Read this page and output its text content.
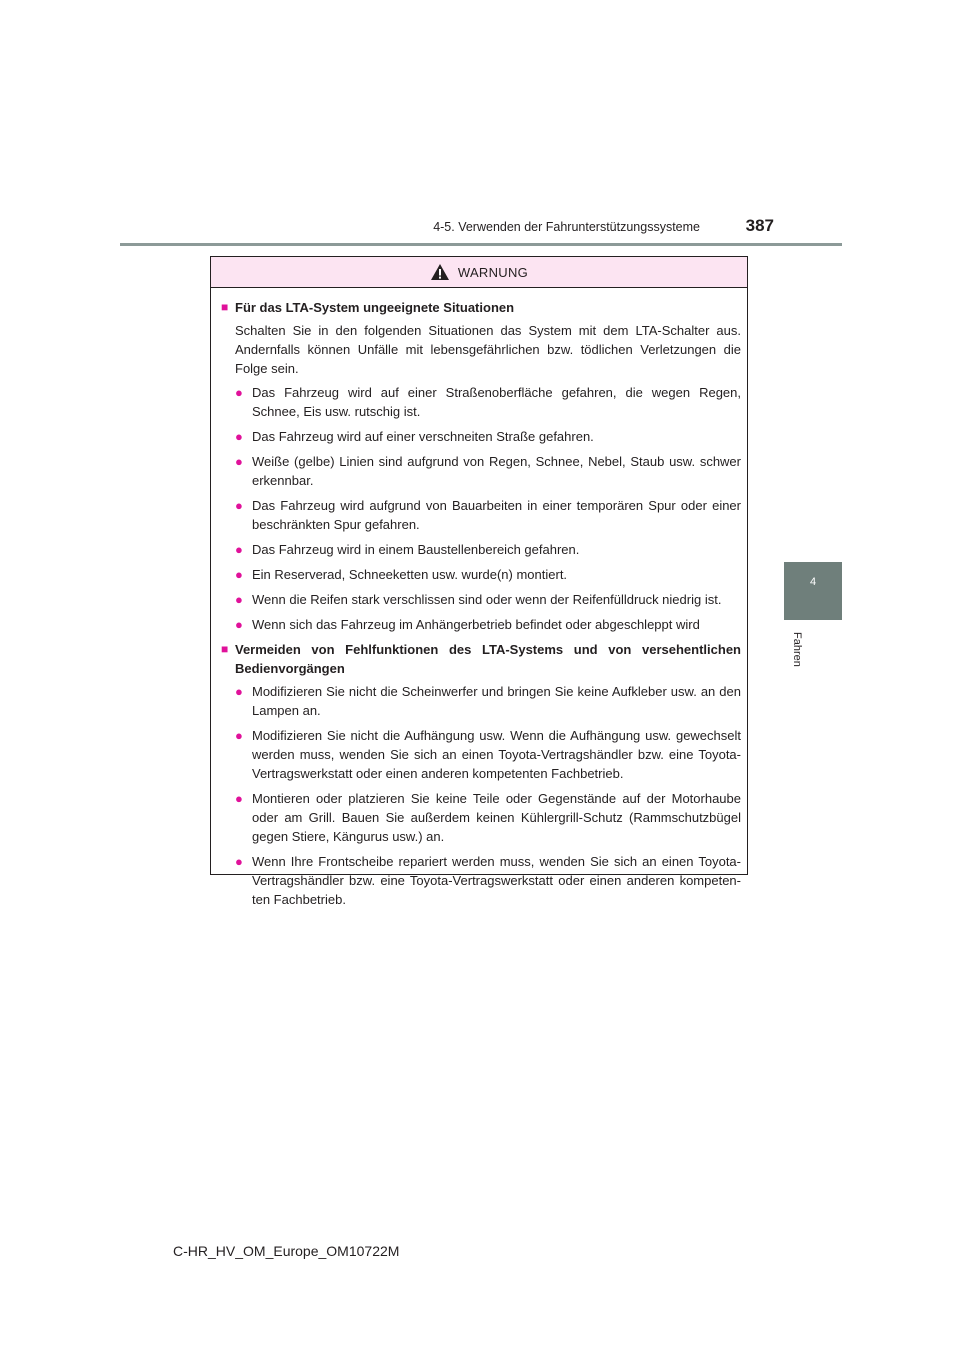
4-5. Verwenden der Fahrunterstützungssysteme	387
4
Fahren
WARNUNG
■ Für das LTA-System ungeeignete Situationen
Schalten Sie in den folgenden Situationen das System mit dem LTA-Schalter aus. Andernfalls können Unfälle mit lebensgefährlichen bzw. tödlichen Verletzungen die Folge sein.
● Das Fahrzeug wird auf einer Straßenoberfläche gefahren, die wegen Regen, Schnee, Eis usw. rutschig ist.
● Das Fahrzeug wird auf einer verschneiten Straße gefahren.
● Weiße (gelbe) Linien sind aufgrund von Regen, Schnee, Nebel, Staub usw. schwer erkennbar.
● Das Fahrzeug wird aufgrund von Bauarbeiten in einer temporären Spur oder einer beschränkten Spur gefahren.
● Das Fahrzeug wird in einem Baustellenbereich gefahren.
● Ein Reserverad, Schneeketten usw. wurde(n) montiert.
● Wenn die Reifen stark verschlissen sind oder wenn der Reifenfülldruck niedrig ist.
● Wenn sich das Fahrzeug im Anhängerbetrieb befindet oder abgeschleppt wird
■ Vermeiden von Fehlfunktionen des LTA-Systems und von versehentlichen Bedienvorgängen
● Modifizieren Sie nicht die Scheinwerfer und bringen Sie keine Aufkleber usw. an den Lampen an.
● Modifizieren Sie nicht die Aufhängung usw. Wenn die Aufhängung usw. gewechselt werden muss, wenden Sie sich an einen Toyota-Vertragshändler bzw. eine Toyota-Vertragswerkstatt oder einen anderen kompetenten Fachbetrieb.
● Montieren oder platzieren Sie keine Teile oder Gegenstände auf der Motorhaube oder am Grill. Bauen Sie außerdem keinen Kühlergrill-Schutz (Rammschutzbügel gegen Stiere, Kängurus usw.) an.
● Wenn Ihre Frontscheibe repariert werden muss, wenden Sie sich an einen Toyota-Vertragshändler bzw. eine Toyota-Vertragswerkstatt oder einen anderen kompeten-ten Fachbetrieb.
C-HR_HV_OM_Europe_OM10722M
